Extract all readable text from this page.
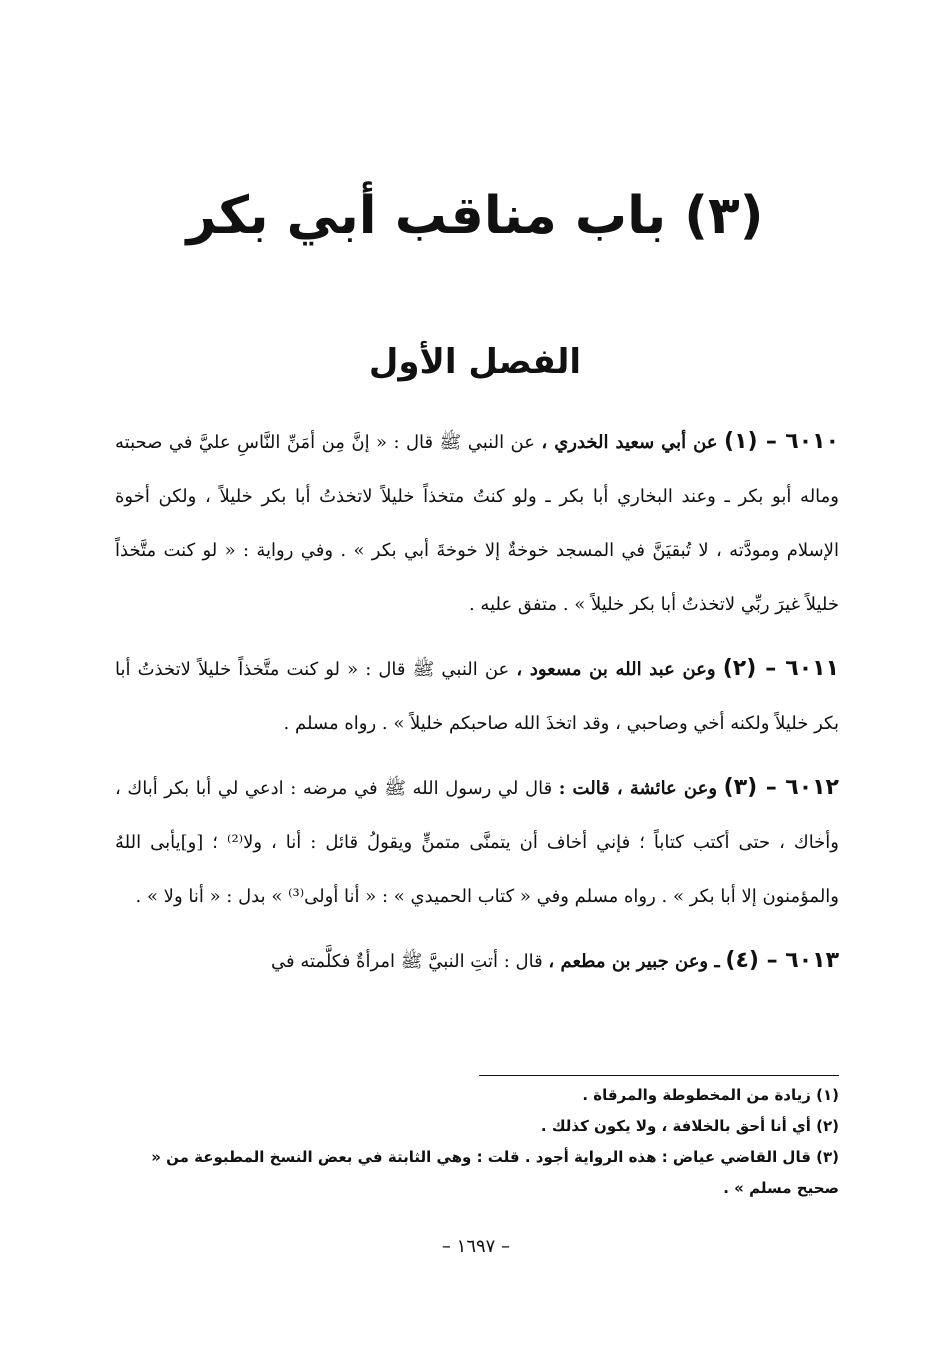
(٣) باب مناقب أبي بكر
الفصل الأول

٦٠١٠ – (١) عن أبي سعيد الخدري ، عن النبي ﷺ قال : « إنَّ مِن أمَنِّ النَّاسِ عليَّ في صحبته وماله أبو بكر ـ وعند البخاري أبا بكر ـ ولو كنتُ متخذاً خليلاً لاتخذتُ أبا بكر خليلاً ، ولكن أخوة الإسلام ومودَّته ، لا تُبقيَنَّ في المسجد خوخةٌ إلا خوخةَ أبي بكر » . وفي رواية : « لو كنت متَّخذاً خليلاً غيرَ ربِّي لاتخذتُ أبا بكر خليلاً » . متفق عليه .

٦٠١١ – (٢) وعن عبد الله بن مسعود ، عن النبي ﷺ قال : « لو كنت متَّخذاً خليلاً لاتخذتُ أبا بكر خليلاً ولكنه أخي وصاحبي ، وقد اتخذَ الله صاحبكم خليلاً » . رواه مسلم .

٦٠١٢ – (٣) وعن عائشة ، قالت : قال لي رسول الله ﷺ في مرضه : ادعي لي أبا بكر أباك ، وأخاك ، حتى أكتب كتاباً ؛ فإني أخاف أن يتمنَّى متمنٍّ ويقولُ قائل : أنا ، ولا⁽²⁾ ؛ [و]يأبى اللهُ والمؤمنون إلا أبا بكر » . رواه مسلم وفي « كتاب الحميدي » : « أنا أولى⁽³⁾ » بدل : « أنا ولا » .

٦٠١٣ – (٤) ـ وعن جبير بن مطعم ، قال : أتتِ النبيَّ ﷺ امرأةٌ فكلَّمته في

(١) زيادة من المخطوطة والمرقاة .

(٢) أي أنا أحق بالخلافة ، ولا يكون كذلك .

(٣) قال القاضي عياض : هذه الرواية أجود . قلت : وهي الثابتة في بعض النسخ المطبوعة من « صحيح مسلم » .

– ١٦٩٧ –
